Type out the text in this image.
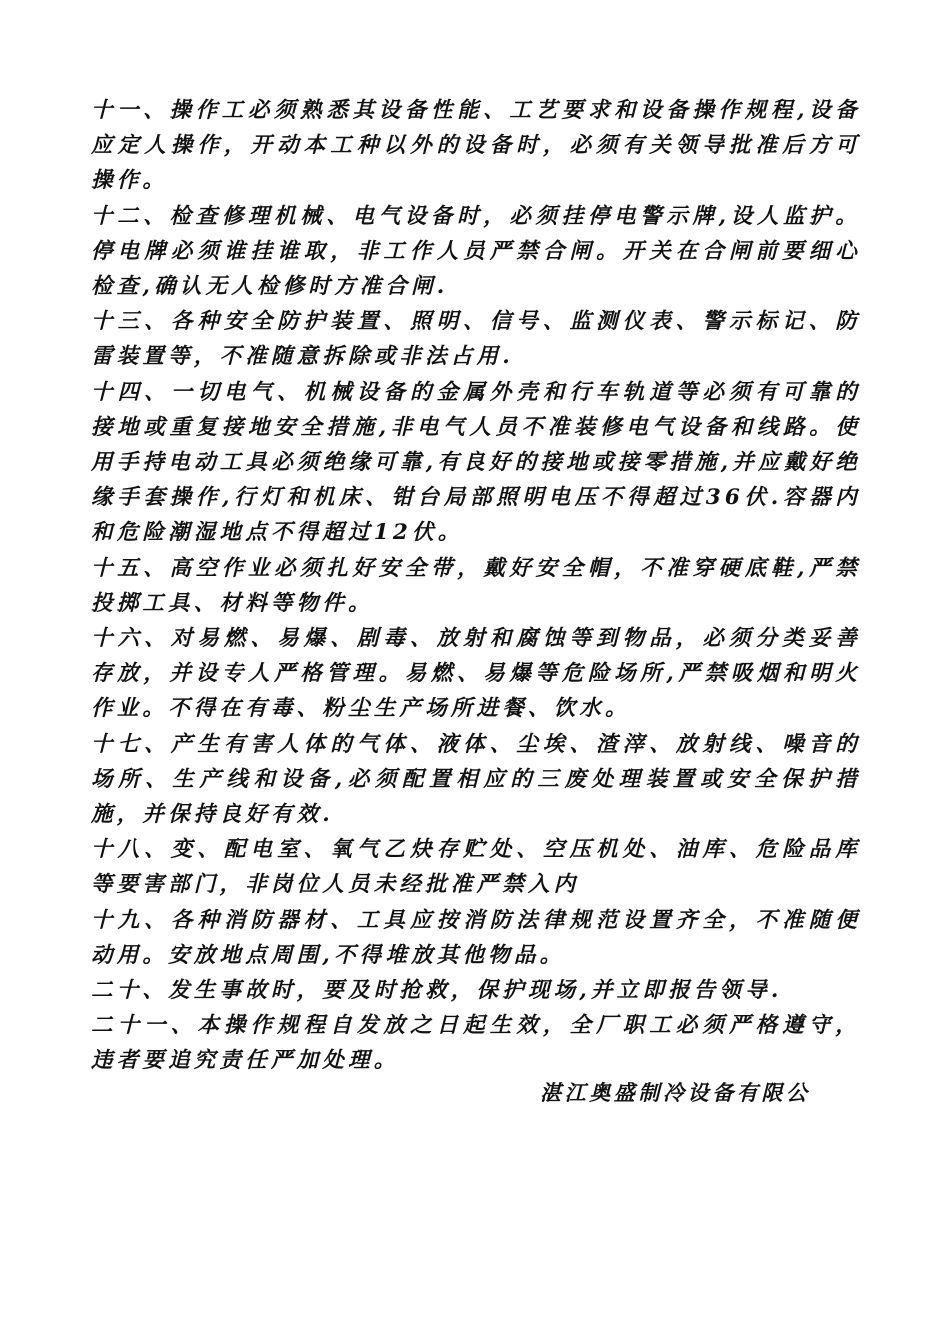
十一、操作工必须熟悉其设备性能、工艺要求和设备操作规程,设备应定人操作，开动本工种以外的设备时，必须有关领导批准后方可操作。

十二、检查修理机械、电气设备时，必须挂停电警示牌,设人监护。停电牌必须谁挂谁取，非工作人员严禁合闸。开关在合闸前要细心检查,确认无人检修时方准合闸.

十三、各种安全防护装置、照明、信号、监测仪表、警示标记、防雷装置等，不准随意拆除或非法占用.

十四、一切电气、机械设备的金属外壳和行车轨道等必须有可靠的接地或重复接地安全措施,非电气人员不准装修电气设备和线路。使用手持电动工具必须绝缘可靠,有良好的接地或接零措施,并应戴好绝缘手套操作,行灯和机床、钳台局部照明电压不得超过36伏.容器内和危险潮湿地点不得超过12伏。

十五、高空作业必须扎好安全带，戴好安全帽，不准穿硬底鞋,严禁投掷工具、材料等物件。

十六、对易燃、易爆、剧毒、放射和腐蚀等到物品，必须分类妥善存放，并设专人严格管理。易燃、易爆等危险场所,严禁吸烟和明火作业。不得在有毒、粉尘生产场所进餐、饮水。

十七、产生有害人体的气体、液体、尘埃、渣滓、放射线、噪音的场所、生产线和设备,必须配置相应的三废处理装置或安全保护措施，并保持良好有效.

十八、变、配电室、氧气乙炔存贮处、空压机处、油库、危险品库等要害部门，非岗位人员未经批准严禁入内

十九、各种消防器材、工具应按消防法律规范设置齐全，不准随便动用。安放地点周围,不得堆放其他物品。

二十、发生事故时，要及时抢救，保护现场,并立即报告领导.

二十一、本操作规程自发放之日起生效，全厂职工必须严格遵守，违者要追究责任严加处理。

湛江奥盛制冷设备有限公
